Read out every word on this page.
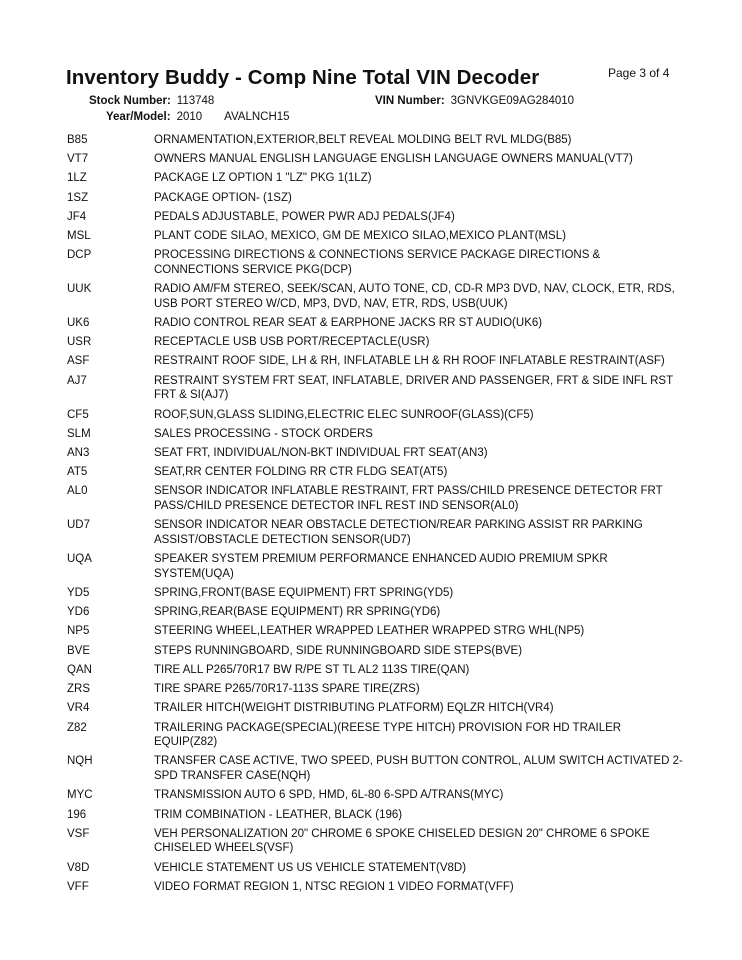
Inventory Buddy - Comp Nine Total VIN Decoder	Page 3 of 4
Stock Number: 113748	VIN Number: 3GNVKGE09AG284010
Year/Model: 2010 AVALNCH15
B85	ORNAMENTATION,EXTERIOR,BELT REVEAL MOLDING BELT RVL MLDG(B85)
VT7	OWNERS MANUAL ENGLISH LANGUAGE ENGLISH LANGUAGE OWNERS MANUAL(VT7)
1LZ	PACKAGE LZ OPTION 1 "LZ" PKG 1(1LZ)
1SZ	PACKAGE OPTION- (1SZ)
JF4	PEDALS ADJUSTABLE, POWER PWR ADJ PEDALS(JF4)
MSL	PLANT CODE SILAO, MEXICO, GM DE MEXICO SILAO,MEXICO PLANT(MSL)
DCP	PROCESSING DIRECTIONS & CONNECTIONS SERVICE PACKAGE DIRECTIONS & CONNECTIONS SERVICE PKG(DCP)
UUK	RADIO AM/FM STEREO, SEEK/SCAN, AUTO TONE, CD, CD-R MP3 DVD, NAV, CLOCK, ETR, RDS, USB PORT STEREO W/CD, MP3, DVD, NAV, ETR, RDS, USB(UUK)
UK6	RADIO CONTROL REAR SEAT & EARPHONE JACKS RR ST AUDIO(UK6)
USR	RECEPTACLE USB USB PORT/RECEPTACLE(USR)
ASF	RESTRAINT ROOF SIDE, LH & RH, INFLATABLE LH & RH ROOF INFLATABLE RESTRAINT(ASF)
AJ7	RESTRAINT SYSTEM FRT SEAT, INFLATABLE, DRIVER AND PASSENGER, FRT & SIDE INFL RST FRT & SI(AJ7)
CF5	ROOF,SUN,GLASS SLIDING,ELECTRIC ELEC SUNROOF(GLASS)(CF5)
SLM	SALES PROCESSING - STOCK ORDERS
AN3	SEAT FRT, INDIVIDUAL/NON-BKT INDIVIDUAL FRT SEAT(AN3)
AT5	SEAT,RR CENTER FOLDING RR CTR FLDG SEAT(AT5)
AL0	SENSOR INDICATOR INFLATABLE RESTRAINT, FRT PASS/CHILD PRESENCE DETECTOR FRT PASS/CHILD PRESENCE DETECTOR INFL REST IND SENSOR(AL0)
UD7	SENSOR INDICATOR NEAR OBSTACLE DETECTION/REAR PARKING ASSIST RR PARKING ASSIST/OBSTACLE DETECTION SENSOR(UD7)
UQA	SPEAKER SYSTEM PREMIUM PERFORMANCE ENHANCED AUDIO PREMIUM SPKR SYSTEM(UQA)
YD5	SPRING,FRONT(BASE EQUIPMENT) FRT SPRING(YD5)
YD6	SPRING,REAR(BASE EQUIPMENT) RR SPRING(YD6)
NP5	STEERING WHEEL,LEATHER WRAPPED LEATHER WRAPPED STRG WHL(NP5)
BVE	STEPS RUNNINGBOARD, SIDE RUNNINGBOARD SIDE STEPS(BVE)
QAN	TIRE ALL P265/70R17 BW R/PE ST TL AL2 113S TIRE(QAN)
ZRS	TIRE SPARE P265/70R17-113S SPARE TIRE(ZRS)
VR4	TRAILER HITCH(WEIGHT DISTRIBUTING PLATFORM) EQLZR HITCH(VR4)
Z82	TRAILERING PACKAGE(SPECIAL)(REESE TYPE HITCH) PROVISION FOR HD TRAILER EQUIP(Z82)
NQH	TRANSFER CASE ACTIVE, TWO SPEED, PUSH BUTTON CONTROL, ALUM SWITCH ACTIVATED 2-SPD TRANSFER CASE(NQH)
MYC	TRANSMISSION AUTO 6 SPD, HMD, 6L-80 6-SPD A/TRANS(MYC)
196	TRIM COMBINATION - LEATHER, BLACK (196)
VSF	VEH PERSONALIZATION 20" CHROME 6 SPOKE CHISELED DESIGN 20" CHROME 6 SPOKE CHISELED WHEELS(VSF)
V8D	VEHICLE STATEMENT US US VEHICLE STATEMENT(V8D)
VFF	VIDEO FORMAT REGION 1, NTSC REGION 1 VIDEO FORMAT(VFF)
